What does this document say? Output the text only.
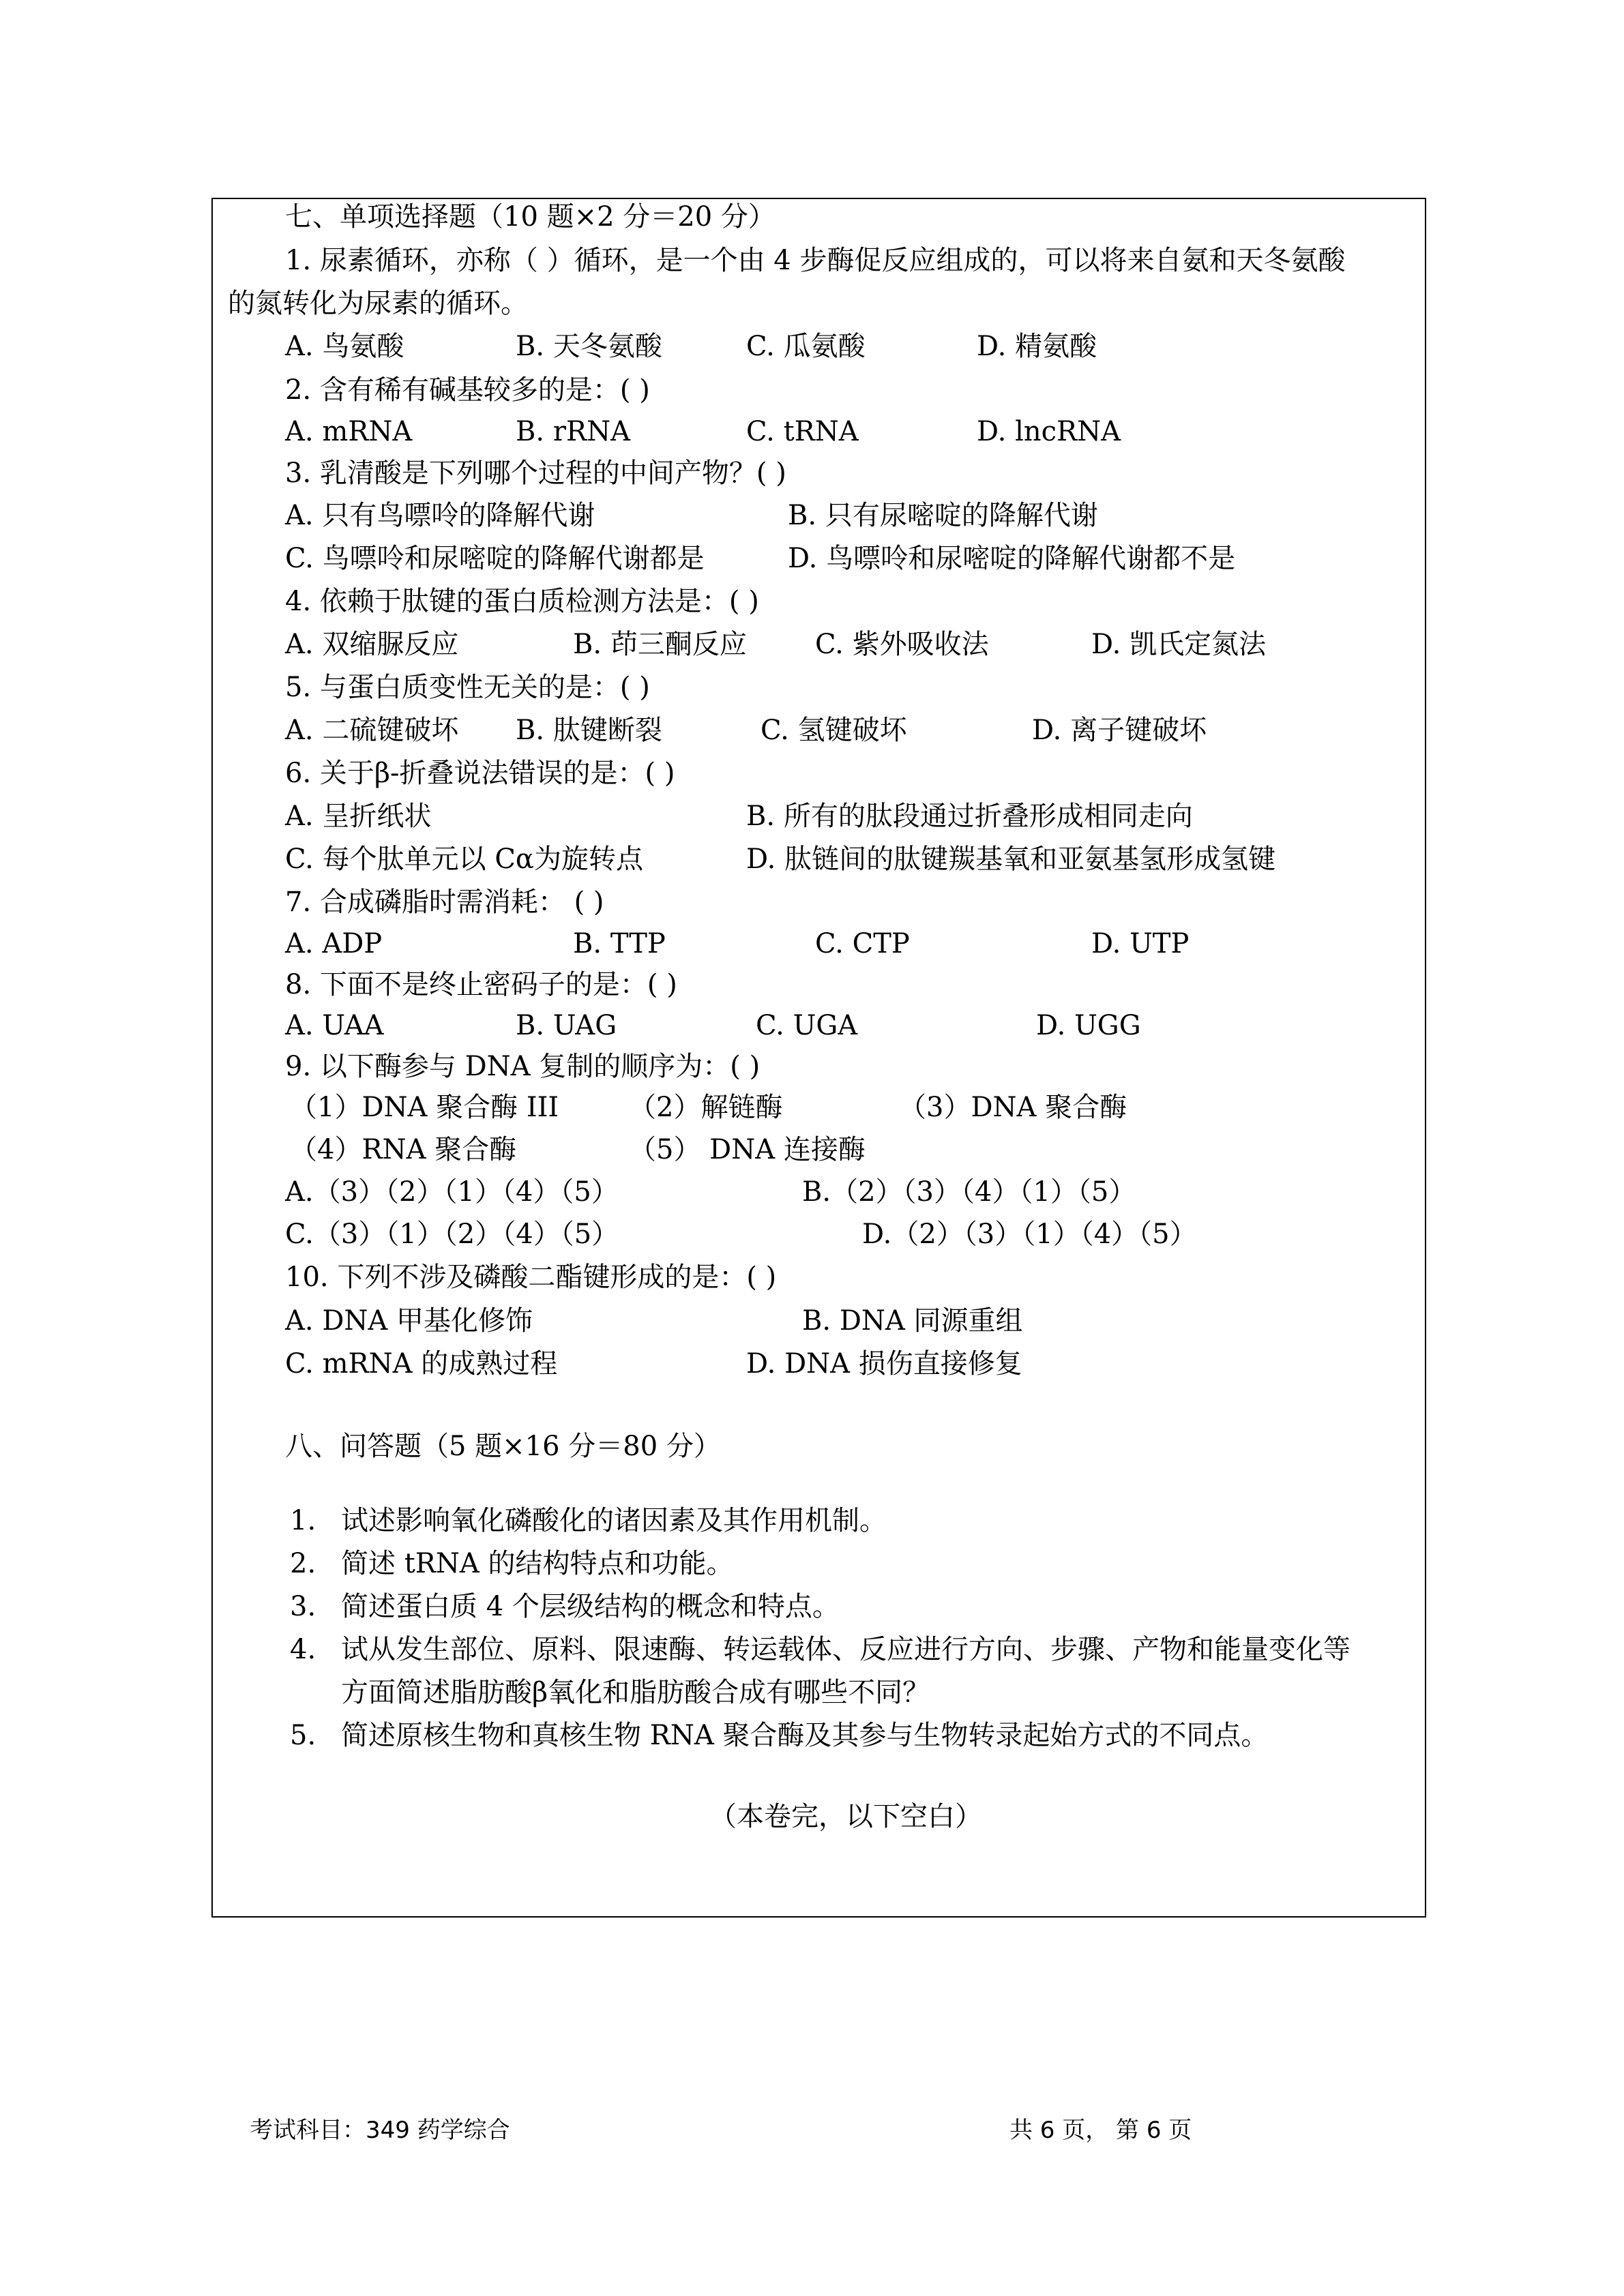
七、单项选择题（10 题×2 分＝20 分）
1. 尿素循环，亦称（ ）循环，是一个由 4 步酶促反应组成的，可以将来自氨和天冬氨酸
的氮转化为尿素的循环。
A. 鸟氨酸	B. 天冬氨酸	C. 瓜氨酸	D. 精氨酸
2. 含有稀有碱基较多的是：( )
A. mRNA	B. rRNA	C. tRNA	D. lncRNA
3. 乳清酸是下列哪个过程的中间产物？( )
A. 只有鸟嘌呤的降解代谢	B. 只有尿嘧啶的降解代谢
C. 鸟嘌呤和尿嘧啶的降解代谢都是	D. 鸟嘌呤和尿嘧啶的降解代谢都不是
4. 依赖于肽键的蛋白质检测方法是：( )
A. 双缩脲反应	B. 茚三酮反应	C. 紫外吸收法	D. 凯氏定氮法
5. 与蛋白质变性无关的是：( )
A. 二硫键破坏 B. 肽键断裂	C. 氢键破坏	D. 离子键破坏
6. 关于β-折叠说法错误的是：( )
A. 呈折纸状	B. 所有的肽段通过折叠形成相同走向
C. 每个肽单元以 Cα为旋转点	D. 肽链间的肽键羰基氧和亚氨基氢形成氢键
7. 合成磷脂时需消耗： ( )
A. ADP	B. TTP	C. CTP	D. UTP
8. 下面不是终止密码子的是：( )
A. UAA	B. UAG	C. UGA	D. UGG
9. 以下酶参与 DNA 复制的顺序为：( )
（1）DNA 聚合酶 III	（2）解链酶	（3）DNA 聚合酶
（4）RNA 聚合酶	（5） DNA 连接酶
A.（3）（2）（1）（4）（5）	B.（2）（3）（4）（1）（5）
C.（3）（1）（2）（4）（5）	D.（2）（3）（1）（4）（5）
10. 下列不涉及磷酸二酯键形成的是：( )
A. DNA 甲基化修饰	B. DNA 同源重组
C. mRNA 的成熟过程	D. DNA 损伤直接修复
八、问答题（5 题×16 分＝80 分）
1. 试述影响氧化磷酸化的诸因素及其作用机制。
2. 简述 tRNA 的结构特点和功能。
3. 简述蛋白质 4 个层级结构的概念和特点。
4. 试从发生部位、原料、限速酶、转运载体、反应进行方向、步骤、产物和能量变化等
方面简述脂肪酸β氧化和脂肪酸合成有哪些不同？
5. 简述原核生物和真核生物 RNA 聚合酶及其参与生物转录起始方式的不同点。
（本卷完，以下空白）
考试科目：349 药学综合	共 6 页， 第 6 页
